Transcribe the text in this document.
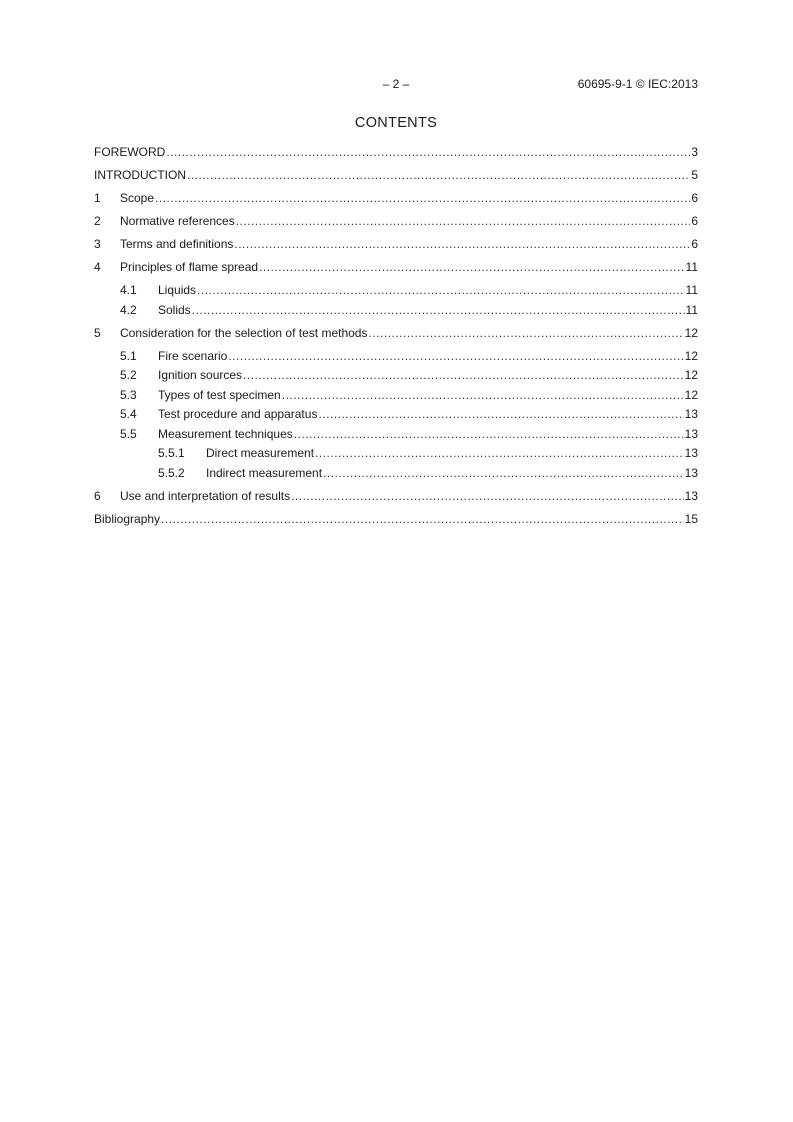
– 2 –	60695-9-1 © IEC:2013
CONTENTS
FOREWORD .....	3
INTRODUCTION .....	5
1	Scope .....	6
2	Normative references .....	6
3	Terms and definitions .....	6
4	Principles of flame spread .....	11
4.1	Liquids .....	11
4.2	Solids .....	11
5	Consideration for the selection of test methods .....	12
5.1	Fire scenario .....	12
5.2	Ignition sources .....	12
5.3	Types of test specimen .....	12
5.4	Test procedure and apparatus .....	13
5.5	Measurement techniques .....	13
5.5.1	Direct measurement .....	13
5.5.2	Indirect measurement .....	13
6	Use and interpretation of results .....	13
Bibliography .....	15
